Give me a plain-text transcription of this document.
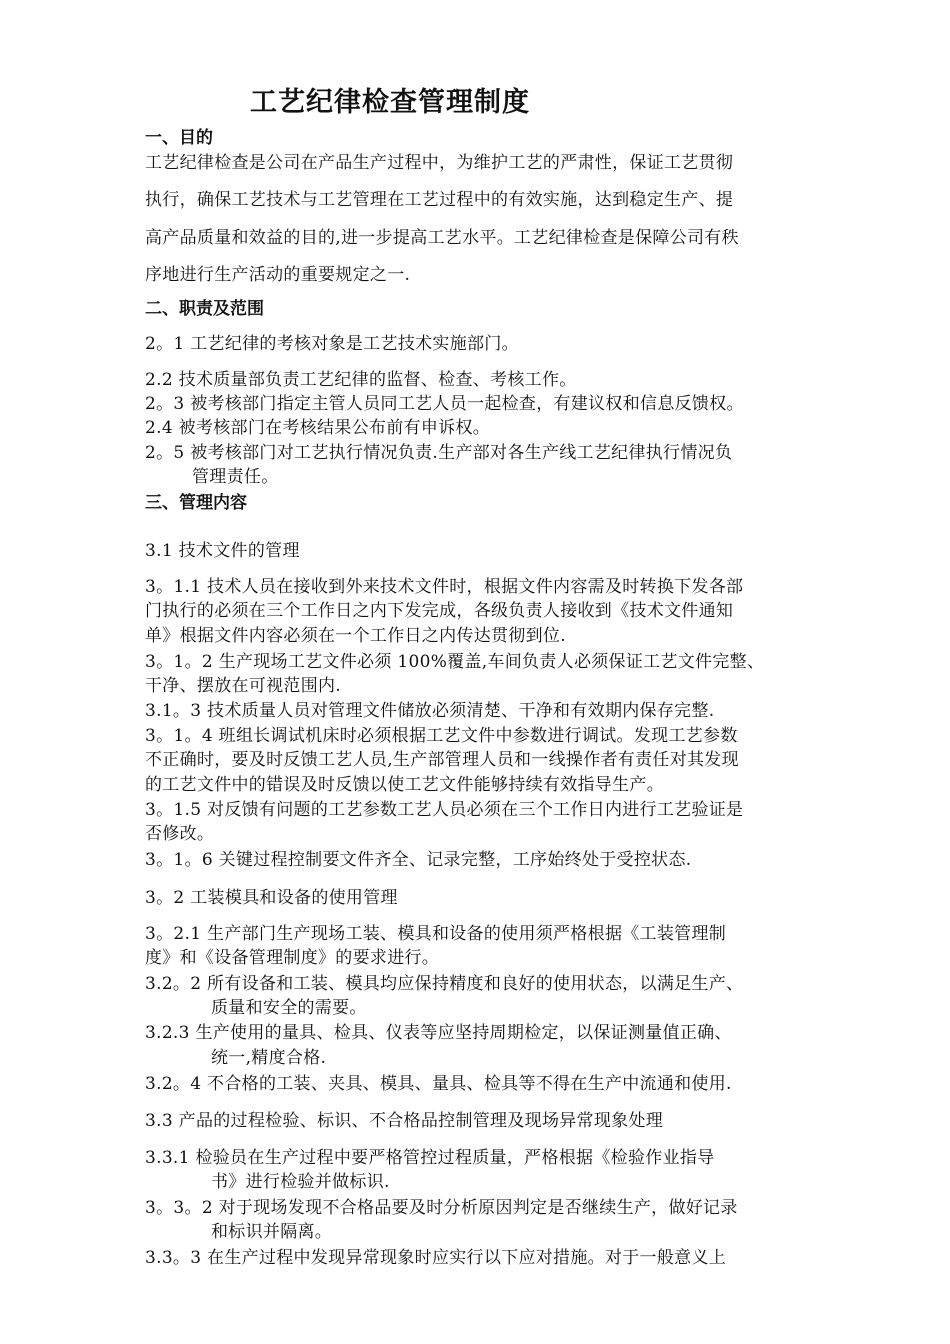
工艺纪律检查管理制度
一、目的
工艺纪律检查是公司在产品生产过程中，为维护工艺的严肃性，保证工艺贯彻
执行，确保工艺技术与工艺管理在工艺过程中的有效实施，达到稳定生产、提
高产品质量和效益的目的,进一步提高工艺水平。工艺纪律检查是保障公司有秩
序地进行生产活动的重要规定之一.
二、职责及范围
2。1 工艺纪律的考核对象是工艺技术实施部门。
2.2 技术质量部负责工艺纪律的监督、检查、考核工作。
2。3 被考核部门指定主管人员同工艺人员一起检查，有建议权和信息反馈权。
2.4 被考核部门在考核结果公布前有申诉权。
2。5 被考核部门对工艺执行情况负责.生产部对各生产线工艺纪律执行情况负
管理责任。
三、管理内容
3.1 技术文件的管理
3。1.1 技术人员在接收到外来技术文件时，根据文件内容需及时转换下发各部
门执行的必须在三个工作日之内下发完成，各级负责人接收到《技术文件通知
单》根据文件内容必须在一个工作日之内传达贯彻到位.
3。1。2 生产现场工艺文件必须 100%覆盖,车间负责人必须保证工艺文件完整、
干净、摆放在可视范围内.
3.1。3 技术质量人员对管理文件储放必须清楚、干净和有效期内保存完整.
3。1。4 班组长调试机床时必须根据工艺文件中参数进行调试。发现工艺参数
不正确时，要及时反馈工艺人员,生产部管理人员和一线操作者有责任对其发现
的工艺文件中的错误及时反馈以使工艺文件能够持续有效指导生产。
3。1.5 对反馈有问题的工艺参数工艺人员必须在三个工作日内进行工艺验证是
否修改。
3。1。6 关键过程控制要文件齐全、记录完整，工序始终处于受控状态.
3。2 工装模具和设备的使用管理
3。2.1 生产部门生产现场工装、模具和设备的使用须严格根据《工装管理制
度》和《设备管理制度》的要求进行。
3.2。2 所有设备和工装、模具均应保持精度和良好的使用状态，以满足生产、
质量和安全的需要。
3.2.3 生产使用的量具、检具、仪表等应坚持周期检定，以保证测量值正确、
统一,精度合格.
3.2。4 不合格的工装、夹具、模具、量具、检具等不得在生产中流通和使用.
3.3 产品的过程检验、标识、不合格品控制管理及现场异常现象处理
3.3.1 检验员在生产过程中要严格管控过程质量，严格根据《检验作业指导
书》进行检验并做标识.
3。3。2 对于现场发现不合格品要及时分析原因判定是否继续生产，做好记录
和标识并隔离。
3.3。3 在生产过程中发现异常现象时应实行以下应对措施。对于一般意义上
